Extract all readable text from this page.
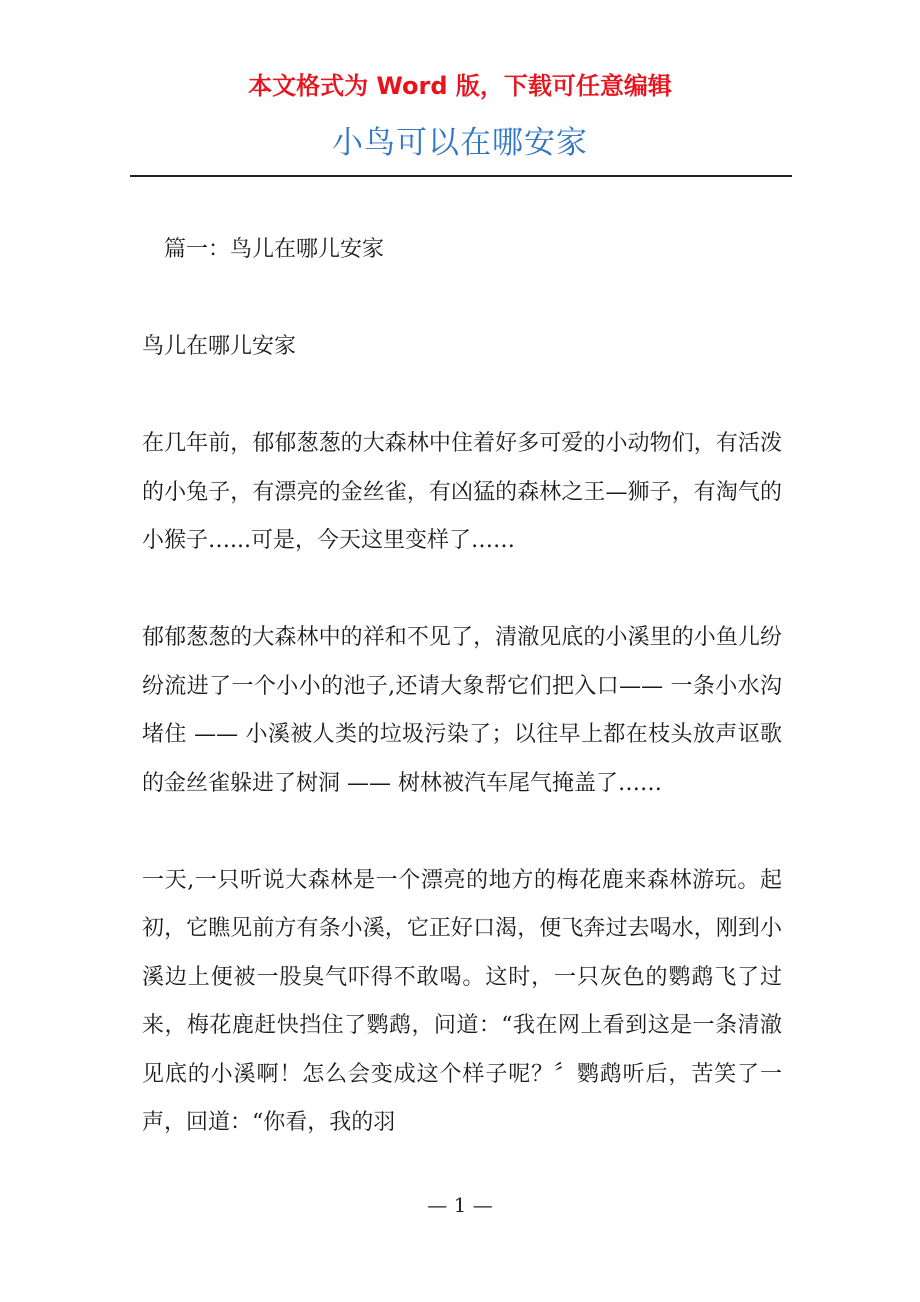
本文格式为 Word 版，下载可任意编辑
小鸟可以在哪安家

篇一：鸟儿在哪儿安家

鸟儿在哪儿安家

在几年前，郁郁葱葱的大森林中住着好多可爱的小动物们，有活泼的小兔子，有漂亮的金丝雀，有凶猛的森林之王—狮子，有淘气的小猴子…...可是，今天这里变样了……

郁郁葱葱的大森林中的祥和不见了，清澈见底的小溪里的小鱼儿纷纷流进了一个小小的池子,还请大象帮它们把入口—— 一条小水沟堵住 —— 小溪被人类的垃圾污染了；以往早上都在枝头放声讴歌的金丝雀躲进了树洞 —— 树林被汽车尾气掩盖了……

一天,一只听说大森林是一个漂亮的地方的梅花鹿来森林游玩。起初，它瞧见前方有条小溪，它正好口渴，便飞奔过去喝水，刚到小溪边上便被一股臭气吓得不敢喝。这时，一只灰色的鹦鹉飞了过来，梅花鹿赶快挡住了鹦鹉，问道：“我在网上看到这是一条清澈见底的小溪啊！怎么会变成这个样子呢？〞鹦鹉听后，苦笑了一声，回道：“你看，我的羽

— 1 —
